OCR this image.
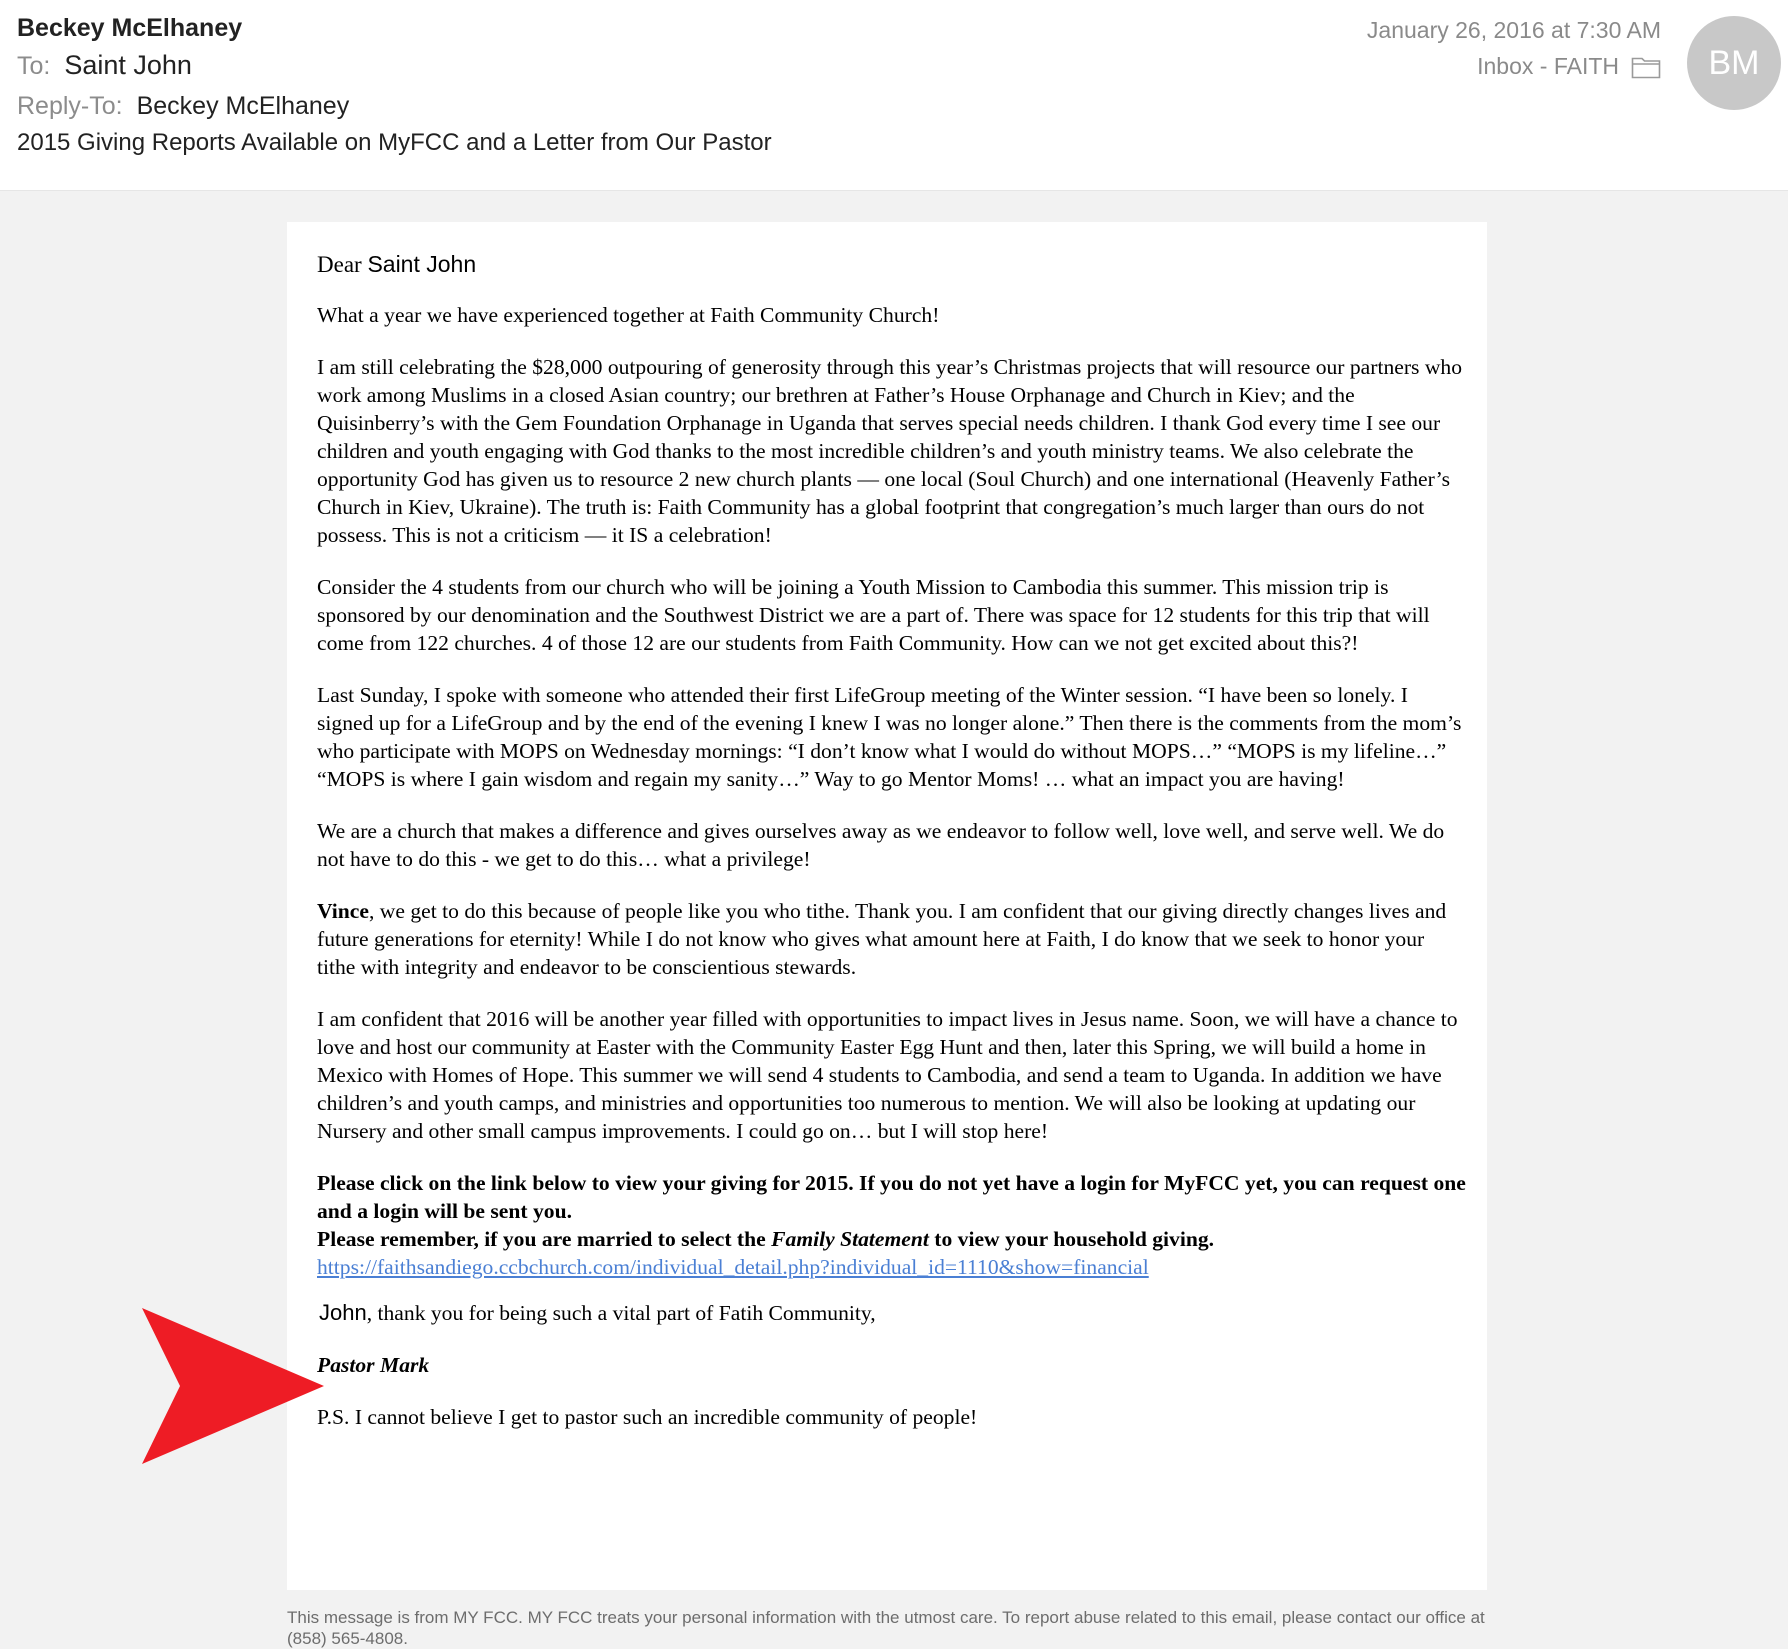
Beckey McElhaney
To: Saint John
Reply-To: Beckey McElhaney
2015 Giving Reports Available on MyFCC and a Letter from Our Pastor
January 26, 2016 at 7:30 AM
Inbox - FAITH	BM

Dear Saint John

What a year we have experienced together at Faith Community Church!

I am still celebrating the $28,000 outpouring of generosity through this year’s Christmas projects that will resource our partners who work among Muslims in a closed Asian country; our brethren at Father’s House Orphanage and Church in Kiev; and the Quisinberry’s with the Gem Foundation Orphanage in Uganda that serves special needs children. I thank God every time I see our children and youth engaging with God thanks to the most incredible children’s and youth ministry teams. We also celebrate the opportunity God has given us to resource 2 new church plants — one local (Soul Church) and one international (Heavenly Father’s Church in Kiev, Ukraine). The truth is: Faith Community has a global footprint that congregation’s much larger than ours do not possess. This is not a criticism — it IS a celebration!

Consider the 4 students from our church who will be joining a Youth Mission to Cambodia this summer. This mission trip is sponsored by our denomination and the Southwest District we are a part of. There was space for 12 students for this trip that will come from 122 churches. 4 of those 12 are our students from Faith Community. How can we not get excited about this?!

Last Sunday, I spoke with someone who attended their first LifeGroup meeting of the Winter session. “I have been so lonely. I signed up for a LifeGroup and by the end of the evening I knew I was no longer alone.” Then there is the comments from the mom’s who participate with MOPS on Wednesday mornings: “I don’t know what I would do without MOPS…” “MOPS is my lifeline…” “MOPS is where I gain wisdom and regain my sanity…” Way to go Mentor Moms! … what an impact you are having!

We are a church that makes a difference and gives ourselves away as we endeavor to follow well, love well, and serve well. We do not have to do this - we get to do this… what a privilege!

Vince, we get to do this because of people like you who tithe. Thank you. I am confident that our giving directly changes lives and future generations for eternity! While I do not know who gives what amount here at Faith, I do know that we seek to honor your tithe with integrity and endeavor to be conscientious stewards.

I am confident that 2016 will be another year filled with opportunities to impact lives in Jesus name. Soon, we will have a chance to love and host our community at Easter with the Community Easter Egg Hunt and then, later this Spring, we will build a home in Mexico with Homes of Hope. This summer we will send 4 students to Cambodia, and send a team to Uganda. In addition we have children’s and youth camps, and ministries and opportunities too numerous to mention. We will also be looking at updating our Nursery and other small campus improvements. I could go on… but I will stop here!

Please click on the link below to view your giving for 2015. If you do not yet have a login for MyFCC yet, you can request one and a login will be sent you.
Please remember, if you are married to select the Family Statement to view your household giving.
https://faithsandiego.ccbchurch.com/individual_detail.php?individual_id=1110&show=financial

John, thank you for being such a vital part of Fatih Community,

Pastor Mark

P.S. I cannot believe I get to pastor such an incredible community of people!

This message is from MY FCC. MY FCC treats your personal information with the utmost care. To report abuse related to this email, please contact our office at (858) 565-4808.
